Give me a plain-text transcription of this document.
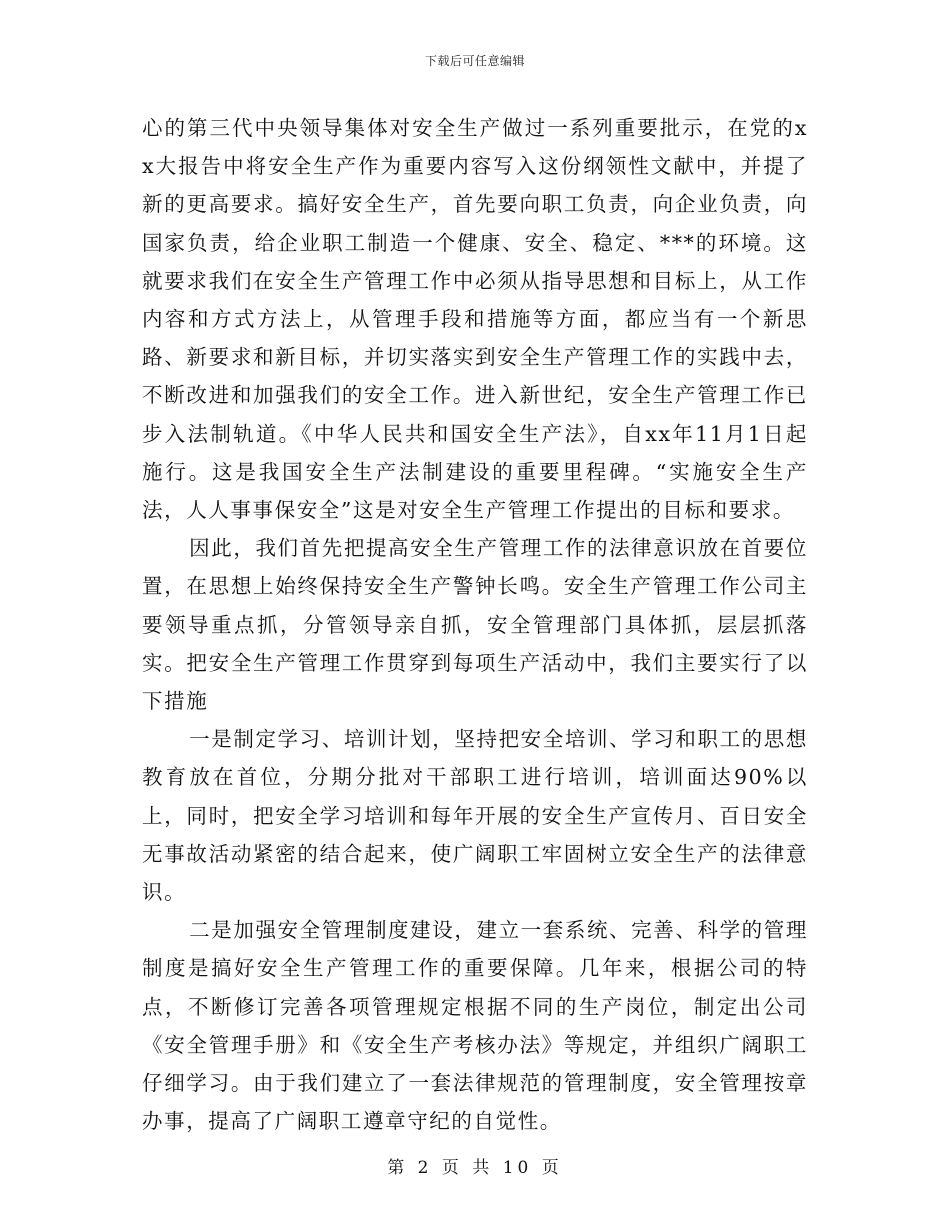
下载后可任意编辑

心的第三代中央领导集体对安全生产做过一系列重要批示，在党的xx大报告中将安全生产作为重要内容写入这份纲领性文献中，并提了新的更高要求。搞好安全生产，首先要向职工负责，向企业负责，向国家负责，给企业职工制造一个健康、安全、稳定、***的环境。这就要求我们在安全生产管理工作中必须从指导思想和目标上，从工作内容和方式方法上，从管理手段和措施等方面，都应当有一个新思路、新要求和新目标，并切实落实到安全生产管理工作的实践中去，不断改进和加强我们的安全工作。进入新世纪，安全生产管理工作已步入法制轨道。《中华人民共和国安全生产法》，自xx年11月1日起施行。这是我国安全生产法制建设的重要里程碑。“实施安全生产法，人人事事保安全”这是对安全生产管理工作提出的目标和要求。

因此，我们首先把提高安全生产管理工作的法律意识放在首要位置，在思想上始终保持安全生产警钟长鸣。安全生产管理工作公司主要领导重点抓，分管领导亲自抓，安全管理部门具体抓，层层抓落实。把安全生产管理工作贯穿到每项生产活动中，我们主要实行了以下措施

一是制定学习、培训计划，坚持把安全培训、学习和职工的思想教育放在首位，分期分批对干部职工进行培训，培训面达90%以上，同时，把安全学习培训和每年开展的安全生产宣传月、百日安全无事故活动紧密的结合起来，使广阔职工牢固树立安全生产的法律意识。

二是加强安全管理制度建设，建立一套系统、完善、科学的管理制度是搞好安全生产管理工作的重要保障。几年来，根据公司的特点，不断修订完善各项管理规定根据不同的生产岗位，制定出公司《安全管理手册》和《安全生产考核办法》等规定，并组织广阔职工仔细学习。由于我们建立了一套法律规范的管理制度，安全管理按章办事，提高了广阔职工遵章守纪的自觉性。

第 2 页 共 10 页
